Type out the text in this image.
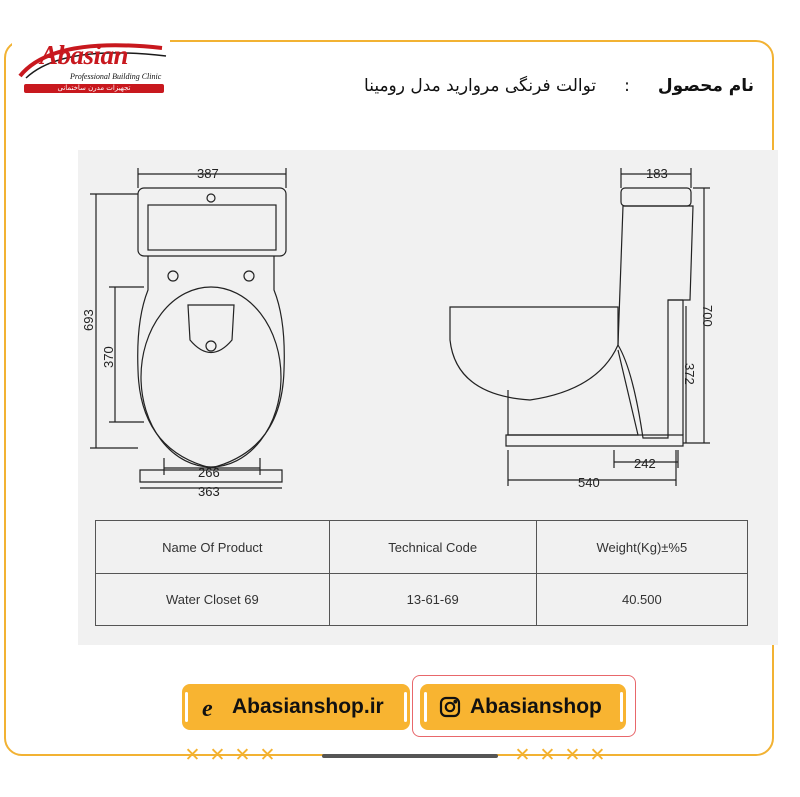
Abasian
Professional Building Clinic
تجهیزات مدرن ساختمانی	نام محصول
:
توالت فرنگی مروارید مدل رومینا
387
693
370
266
363
183
700
372
242
540
Name Of Product	Technical Code	Weight(Kg)±%5
Water Closet 69	13-61-69	40.500
e Abasianshop.ir	Abasianshop
✕ ✕ ✕ ✕	✕ ✕ ✕ ✕
